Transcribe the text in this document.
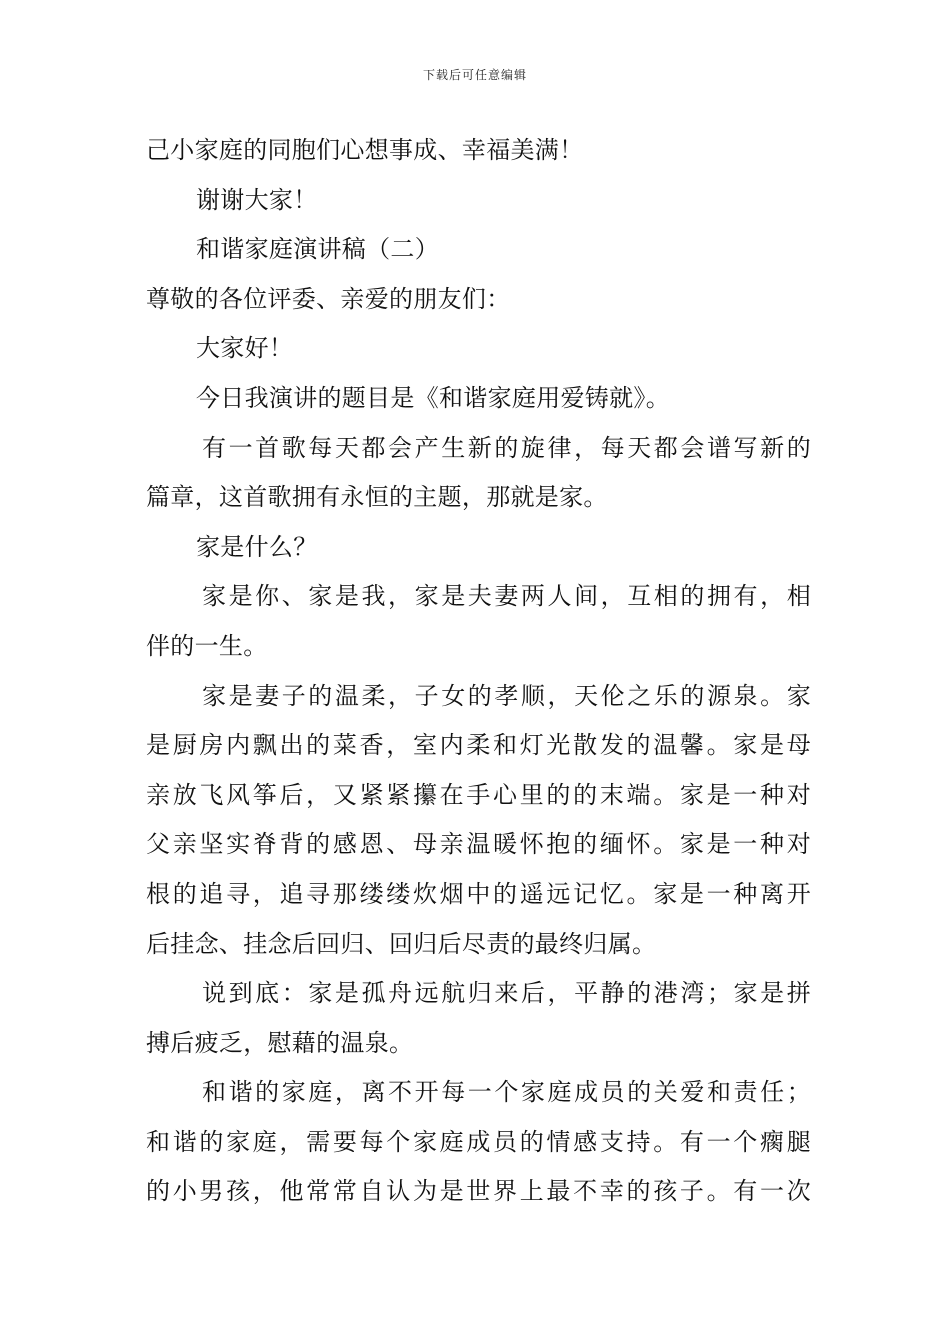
下载后可任意编辑
己小家庭的同胞们心想事成、幸福美满！
谢谢大家！
和谐家庭演讲稿（二）
尊敬的各位评委、亲爱的朋友们：
大家好！
今日我演讲的题目是《和谐家庭用爱铸就》。
有一首歌每天都会产生新的旋律，每天都会谱写新的
篇章，这首歌拥有永恒的主题，那就是家。
家是什么？
家是你、家是我，家是夫妻两人间，互相的拥有，相
伴的一生。
家是妻子的温柔，子女的孝顺，天伦之乐的源泉。家
是厨房内飘出的菜香，室内柔和灯光散发的温馨。家是母
亲放飞风筝后，又紧紧攥在手心里的的末端。家是一种对
父亲坚实脊背的感恩、母亲温暖怀抱的缅怀。家是一种对
根的追寻，追寻那缕缕炊烟中的遥远记忆。家是一种离开
后挂念、挂念后回归、回归后尽责的最终归属。
说到底：家是孤舟远航归来后，平静的港湾；家是拼
搏后疲乏，慰藉的温泉。
和谐的家庭，离不开每一个家庭成员的关爱和责任；
和谐的家庭，需要每个家庭成员的情感支持。有一个瘸腿
的小男孩，他常常自认为是世界上最不幸的孩子。有一次
